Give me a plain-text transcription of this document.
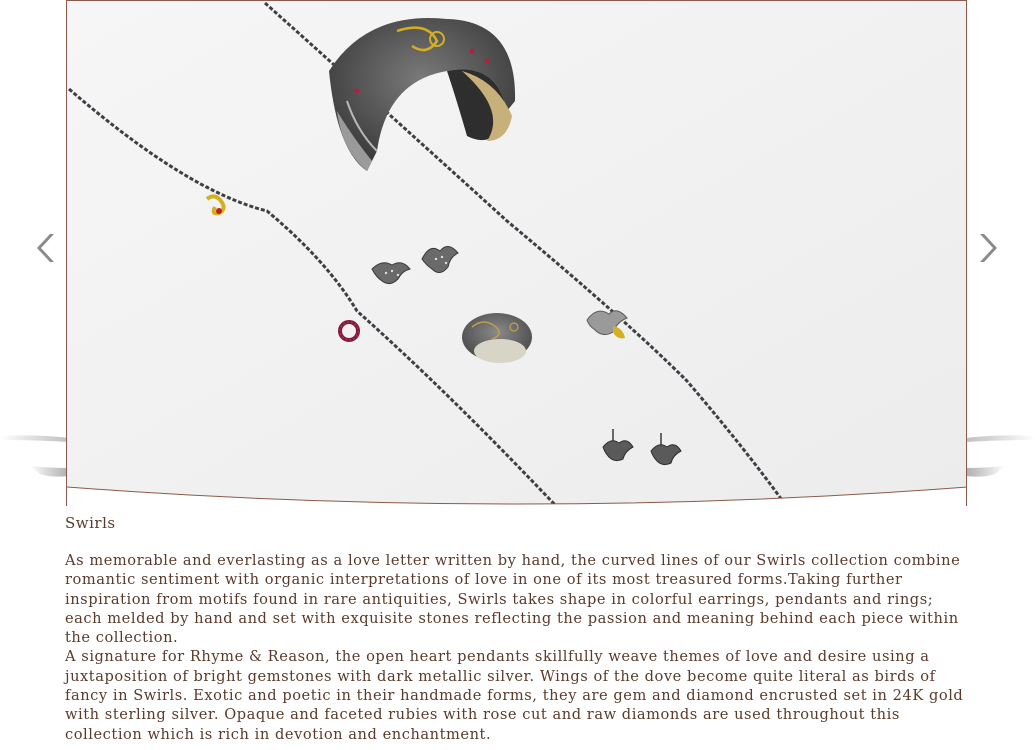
Swirls

As memorable and everlasting as a love letter written by hand, the curved lines of our Swirls collection combine romantic sentiment with organic interpretations of love in one of its most treasured forms.Taking further inspiration from motifs found in rare antiquities, Swirls takes shape in colorful earrings, pendants and rings; each melded by hand and set with exquisite stones reflecting the passion and meaning behind each piece within the collection.

A signature for Rhyme & Reason, the open heart pendants skillfully weave themes of love and desire using a juxtaposition of bright gemstones with dark metallic silver. Wings of the dove become quite literal as birds of fancy in Swirls. Exotic and poetic in their handmade forms, they are gem and diamond encrusted set in 24K gold with sterling silver. Opaque and faceted rubies with rose cut and raw diamonds are used throughout this collection which is rich in devotion and enchantment.
